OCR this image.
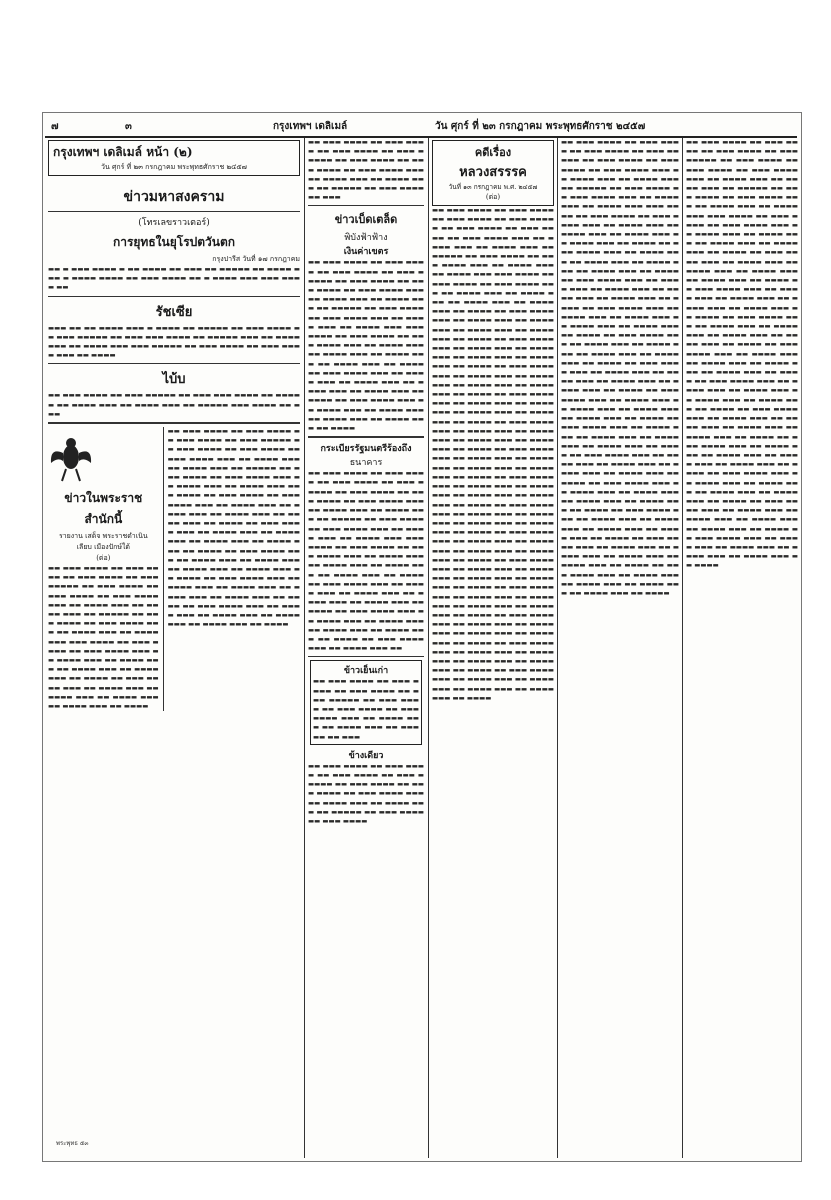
๗	๓	กรุงเทพฯ เดลิเมล์	วัน ศุกร์ ที่ ๒๓ กรกฎาคม พระพุทธศักราช ๒๔๕๗
กรุงเทพฯ เดลิเมล์ หน้า (๒)
วัน ศุกร์ ที่ ๒๓ กรกฎาคม พระพุทธศักราช ๒๔๕๗
ข่าวมหาสงคราม
(โทรเลขราวเตอร์)
การยุทธในยุโรปตวันตก
กรุงปารีส วันที่ ๑๗ กรกฎาคม
▬▬ ▬ ▬▬▬ ▬▬▬▬ ▬ ▬▬ ▬▬▬▬ ▬▬ ▬▬▬ ▬▬ ▬▬▬▬▬ ▬▬ ▬▬▬▬ ▬▬▬ ▬ ▬▬▬▬ ▬▬▬▬ ▬▬ ▬▬▬ ▬▬▬▬ ▬▬ ▬ ▬▬▬▬ ▬▬▬ ▬▬▬ ▬▬▬▬ ▬▬
รัชเซีย
▬▬▬ ▬▬ ▬▬ ▬▬▬▬ ▬▬▬ ▬ ▬▬▬▬ ▬▬ ▬▬▬▬▬ ▬▬ ▬▬▬ ▬▬▬▬ ▬▬ ▬▬▬ ▬▬▬▬▬ ▬▬ ▬▬▬ ▬▬▬ ▬▬▬▬ ▬▬ ▬▬▬▬▬ ▬▬▬ ▬▬ ▬▬▬▬ ▬▬▬ ▬▬ ▬▬▬▬ ▬▬▬ ▬▬▬ ▬▬▬▬▬ ▬▬ ▬▬▬ ▬▬▬▬ ▬▬ ▬▬▬ ▬▬▬▬ ▬▬▬ ▬▬ ▬▬▬▬
ไบ้บ
▬▬ ▬▬▬ ▬▬▬▬ ▬▬ ▬▬▬ ▬▬▬▬▬ ▬▬ ▬▬▬ ▬▬▬ ▬▬▬▬ ▬▬ ▬▬▬▬▬ ▬▬ ▬▬▬▬ ▬▬▬ ▬▬ ▬▬▬▬ ▬▬▬ ▬▬ ▬▬▬▬▬ ▬▬▬ ▬▬▬▬ ▬▬ ▬▬▬
ข่าวในพระราช
สำนักนี้
รายงาน เสด็จ พระราชดำเนิน
เลียบ เมืองปักษ์ใต้
(ต่อ)
▬▬ ▬▬▬ ▬▬▬▬ ▬▬ ▬▬▬ ▬▬▬▬ ▬▬ ▬▬▬ ▬▬▬▬ ▬▬ ▬▬▬ ▬▬▬▬▬ ▬▬ ▬▬▬ ▬▬▬▬ ▬▬ ▬▬▬ ▬▬▬▬ ▬▬ ▬▬▬ ▬▬▬▬ ▬▬▬ ▬▬ ▬▬▬▬ ▬▬▬ ▬▬ ▬▬▬▬ ▬▬▬ ▬▬ ▬▬▬▬▬ ▬▬ ▬▬▬ ▬▬▬▬ ▬▬ ▬▬▬ ▬▬▬▬ ▬▬▬ ▬▬ ▬▬▬▬ ▬▬▬ ▬▬ ▬▬▬▬ ▬▬▬ ▬▬▬ ▬▬▬▬ ▬▬ ▬▬▬ ▬▬▬▬ ▬▬ ▬▬▬ ▬▬▬▬ ▬▬▬ ▬▬ ▬▬▬▬ ▬▬▬ ▬▬ ▬▬▬▬ ▬▬▬ ▬▬ ▬▬▬▬ ▬▬▬ ▬▬ ▬▬▬▬ ▬▬▬ ▬▬ ▬▬▬▬ ▬▬ ▬▬▬ ▬▬▬▬ ▬▬▬ ▬▬ ▬▬▬▬ ▬▬▬ ▬▬ ▬▬▬▬ ▬▬▬ ▬▬ ▬▬▬▬ ▬▬▬ ▬▬ ▬▬▬▬ ▬▬▬ ▬▬ ▬▬▬▬
▬▬ ▬▬▬ ▬▬▬▬ ▬▬ ▬▬▬ ▬▬▬▬ ▬▬ ▬▬▬ ▬▬▬▬ ▬▬ ▬▬▬ ▬▬▬▬▬ ▬▬ ▬▬▬ ▬▬▬▬ ▬▬ ▬▬▬ ▬▬▬▬ ▬▬ ▬▬▬ ▬▬▬▬ ▬▬▬ ▬▬ ▬▬▬▬ ▬▬▬ ▬▬ ▬▬▬▬ ▬▬▬ ▬▬ ▬▬▬▬▬ ▬▬ ▬▬▬ ▬▬▬▬ ▬▬ ▬▬▬ ▬▬▬▬ ▬▬▬ ▬▬ ▬▬▬▬ ▬▬▬ ▬▬ ▬▬▬▬ ▬▬▬ ▬▬▬ ▬▬▬▬ ▬▬ ▬▬▬ ▬▬▬▬ ▬▬ ▬▬▬ ▬▬▬▬ ▬▬▬ ▬▬ ▬▬▬▬ ▬▬▬ ▬▬ ▬▬▬▬ ▬▬▬ ▬▬ ▬▬▬▬ ▬▬▬ ▬▬ ▬▬▬▬ ▬▬▬ ▬▬ ▬▬▬▬ ▬▬ ▬▬▬ ▬▬▬▬ ▬▬▬ ▬▬ ▬▬▬▬ ▬▬▬ ▬▬ ▬▬▬▬ ▬▬▬ ▬▬ ▬▬▬▬ ▬▬▬ ▬▬ ▬▬▬▬ ▬▬▬ ▬▬ ▬▬▬▬ ▬▬ ▬▬▬ ▬▬▬▬ ▬▬▬ ▬▬ ▬▬▬▬ ▬▬▬ ▬▬ ▬▬▬▬ ▬▬▬ ▬▬ ▬▬▬▬ ▬▬▬ ▬▬ ▬▬▬▬ ▬▬▬ ▬▬ ▬▬▬▬ ▬▬ ▬▬▬ ▬▬▬▬ ▬▬▬ ▬▬ ▬▬▬▬ ▬▬▬ ▬▬ ▬▬▬▬ ▬▬▬ ▬▬ ▬▬▬▬ ▬▬▬ ▬▬ ▬▬▬▬ ▬▬▬ ▬▬ ▬▬▬▬ ▬▬ ▬▬▬ ▬▬▬▬ ▬▬▬ ▬▬ ▬▬▬▬ ▬▬▬ ▬▬ ▬▬▬▬ ▬▬▬ ▬▬ ▬▬▬▬ ▬▬▬ ▬▬ ▬▬▬▬ ▬▬▬ ▬▬ ▬▬▬▬
▬▬ ▬▬▬ ▬▬▬▬ ▬▬ ▬▬▬ ▬▬▬▬ ▬▬ ▬▬▬ ▬▬▬▬ ▬▬ ▬▬▬ ▬▬▬▬▬ ▬▬ ▬▬▬ ▬▬▬▬ ▬▬ ▬▬▬ ▬▬▬▬ ▬▬ ▬▬▬ ▬▬▬▬ ▬▬▬ ▬▬ ▬▬▬▬ ▬▬▬ ▬▬ ▬▬▬▬ ▬▬▬ ▬▬ ▬▬▬▬▬ ▬▬ ▬▬▬ ▬▬▬▬ ▬▬ ▬▬▬
ข่าวเบ็ดเตล็ด
พิบังฟ้าฟ้าง
เงินค่าเขตร
▬▬ ▬▬▬ ▬▬▬▬ ▬▬ ▬▬▬ ▬▬▬▬ ▬▬ ▬▬▬ ▬▬▬▬ ▬▬ ▬▬▬ ▬▬▬▬▬ ▬▬ ▬▬▬ ▬▬▬▬ ▬▬ ▬▬▬ ▬▬▬▬ ▬▬ ▬▬▬ ▬▬▬▬ ▬▬▬ ▬▬ ▬▬▬▬ ▬▬▬ ▬▬ ▬▬▬▬ ▬▬▬ ▬▬ ▬▬▬▬▬ ▬▬ ▬▬▬ ▬▬▬▬ ▬▬ ▬▬▬ ▬▬▬▬ ▬▬▬ ▬▬ ▬▬▬▬ ▬▬▬ ▬▬ ▬▬▬▬ ▬▬▬ ▬▬▬ ▬▬▬▬ ▬▬ ▬▬▬ ▬▬▬▬ ▬▬ ▬▬▬ ▬▬▬▬ ▬▬▬ ▬▬ ▬▬▬▬ ▬▬▬ ▬▬ ▬▬▬▬ ▬▬▬ ▬▬ ▬▬▬▬ ▬▬▬ ▬▬ ▬▬▬▬ ▬▬▬ ▬▬ ▬▬▬▬ ▬▬ ▬▬▬ ▬▬▬▬ ▬▬▬ ▬▬ ▬▬▬▬ ▬▬▬ ▬▬ ▬▬▬▬ ▬▬▬ ▬▬ ▬▬▬▬ ▬▬▬ ▬▬ ▬▬▬▬ ▬▬▬ ▬▬ ▬▬▬▬ ▬▬ ▬▬▬ ▬▬▬▬ ▬▬▬ ▬▬ ▬▬▬▬ ▬▬▬ ▬▬ ▬▬▬▬ ▬▬▬ ▬▬ ▬▬▬▬ ▬▬▬ ▬▬ ▬▬▬▬ ▬▬▬ ▬▬ ▬▬▬▬
กระเบียรรัฐมนตรีร้องถึง
ธนาคาร
▬▬ ▬▬▬ ▬▬▬▬ ▬▬ ▬▬▬ ▬▬▬▬ ▬▬ ▬▬▬ ▬▬▬▬ ▬▬ ▬▬▬ ▬▬▬▬▬ ▬▬ ▬▬▬ ▬▬▬▬ ▬▬ ▬▬▬ ▬▬▬▬ ▬▬ ▬▬▬ ▬▬▬▬ ▬▬▬ ▬▬ ▬▬▬▬ ▬▬▬ ▬▬ ▬▬▬▬ ▬▬▬ ▬▬ ▬▬▬▬▬ ▬▬ ▬▬▬ ▬▬▬▬ ▬▬ ▬▬▬ ▬▬▬▬ ▬▬▬ ▬▬ ▬▬▬▬ ▬▬▬ ▬▬ ▬▬▬▬ ▬▬▬ ▬▬▬ ▬▬▬▬ ▬▬ ▬▬▬ ▬▬▬▬ ▬▬ ▬▬▬ ▬▬▬▬ ▬▬▬ ▬▬ ▬▬▬▬ ▬▬▬ ▬▬ ▬▬▬▬ ▬▬▬ ▬▬ ▬▬▬▬ ▬▬▬ ▬▬ ▬▬▬▬ ▬▬▬ ▬▬ ▬▬▬▬ ▬▬ ▬▬▬ ▬▬▬▬ ▬▬▬ ▬▬ ▬▬▬▬ ▬▬▬ ▬▬ ▬▬▬▬ ▬▬▬ ▬▬ ▬▬▬▬ ▬▬▬ ▬▬ ▬▬▬▬ ▬▬▬ ▬▬ ▬▬▬▬ ▬▬ ▬▬▬ ▬▬▬▬ ▬▬▬ ▬▬ ▬▬▬▬ ▬▬▬ ▬▬ ▬▬▬▬ ▬▬▬ ▬▬ ▬▬▬▬ ▬▬▬ ▬▬ ▬▬▬▬ ▬▬▬ ▬▬ ▬▬▬▬ ▬▬ ▬▬▬ ▬▬▬▬ ▬▬▬ ▬▬ ▬▬▬▬ ▬▬▬ ▬▬
ข้าวเย็นเก่า
▬▬ ▬▬▬ ▬▬▬▬ ▬▬ ▬▬▬ ▬▬▬▬ ▬▬ ▬▬▬ ▬▬▬▬ ▬▬ ▬▬▬ ▬▬▬▬▬ ▬▬ ▬▬▬ ▬▬▬▬ ▬▬ ▬▬▬ ▬▬▬▬ ▬▬ ▬▬▬ ▬▬▬▬ ▬▬▬ ▬▬ ▬▬▬▬ ▬▬▬ ▬▬ ▬▬▬▬ ▬▬▬ ▬▬ ▬▬▬▬▬ ▬▬ ▬▬▬
ข้างเดียว
▬▬ ▬▬▬ ▬▬▬▬ ▬▬ ▬▬▬ ▬▬▬▬ ▬▬ ▬▬▬ ▬▬▬▬ ▬▬ ▬▬▬ ▬▬▬▬▬ ▬▬ ▬▬▬ ▬▬▬▬ ▬▬ ▬▬▬ ▬▬▬▬ ▬▬ ▬▬▬ ▬▬▬▬ ▬▬▬ ▬▬ ▬▬▬▬ ▬▬▬ ▬▬ ▬▬▬▬ ▬▬▬ ▬▬ ▬▬▬▬▬ ▬▬ ▬▬▬ ▬▬▬▬ ▬▬ ▬▬▬ ▬▬▬▬
คดีเรื่อง
หลวงสรรรค
วันที่ ๑๓ กรกฎาคม พ.ศ. ๒๔๕๗
(ต่อ)
▬▬ ▬▬▬ ▬▬▬▬ ▬▬ ▬▬▬ ▬▬▬▬ ▬▬ ▬▬▬ ▬▬▬▬ ▬▬ ▬▬▬ ▬▬▬▬▬ ▬▬ ▬▬▬ ▬▬▬▬ ▬▬ ▬▬▬ ▬▬▬▬ ▬▬ ▬▬▬ ▬▬▬▬ ▬▬▬ ▬▬ ▬▬▬▬ ▬▬▬ ▬▬ ▬▬▬▬ ▬▬▬ ▬▬ ▬▬▬▬▬ ▬▬ ▬▬▬ ▬▬▬▬ ▬▬ ▬▬▬ ▬▬▬▬ ▬▬▬ ▬▬ ▬▬▬▬ ▬▬▬ ▬▬ ▬▬▬▬ ▬▬▬ ▬▬▬ ▬▬▬▬ ▬▬ ▬▬▬ ▬▬▬▬ ▬▬ ▬▬▬ ▬▬▬▬ ▬▬▬ ▬▬ ▬▬▬▬ ▬▬▬ ▬▬ ▬▬▬▬ ▬▬▬ ▬▬ ▬▬▬▬ ▬▬▬ ▬▬ ▬▬▬▬ ▬▬▬ ▬▬ ▬▬▬▬ ▬▬ ▬▬▬ ▬▬▬▬ ▬▬▬ ▬▬ ▬▬▬▬ ▬▬▬ ▬▬ ▬▬▬▬ ▬▬▬ ▬▬ ▬▬▬▬ ▬▬▬ ▬▬ ▬▬▬▬ ▬▬▬ ▬▬ ▬▬▬▬ ▬▬ ▬▬▬ ▬▬▬▬ ▬▬▬ ▬▬ ▬▬▬▬ ▬▬▬ ▬▬ ▬▬▬▬ ▬▬▬ ▬▬ ▬▬▬▬ ▬▬▬ ▬▬ ▬▬▬▬ ▬▬▬ ▬▬ ▬▬▬▬ ▬▬ ▬▬▬ ▬▬▬▬ ▬▬▬ ▬▬ ▬▬▬▬ ▬▬▬ ▬▬ ▬▬▬▬ ▬▬▬ ▬▬ ▬▬▬▬ ▬▬▬ ▬▬ ▬▬▬▬ ▬▬▬ ▬▬ ▬▬▬▬ ▬▬ ▬▬▬ ▬▬▬▬ ▬▬▬ ▬▬ ▬▬▬▬ ▬▬▬ ▬▬ ▬▬▬▬ ▬▬▬ ▬▬ ▬▬▬▬ ▬▬▬ ▬▬ ▬▬▬▬ ▬▬▬ ▬▬ ▬▬▬▬ ▬▬ ▬▬▬ ▬▬▬▬ ▬▬▬ ▬▬ ▬▬▬▬ ▬▬▬ ▬▬ ▬▬▬▬ ▬▬▬ ▬▬ ▬▬▬▬ ▬▬▬ ▬▬ ▬▬▬▬ ▬▬▬ ▬▬ ▬▬▬▬ ▬▬ ▬▬▬ ▬▬▬▬ ▬▬▬ ▬▬ ▬▬▬▬ ▬▬▬ ▬▬ ▬▬▬▬ ▬▬▬ ▬▬ ▬▬▬▬ ▬▬▬ ▬▬ ▬▬▬▬ ▬▬▬ ▬▬ ▬▬▬▬ ▬▬ ▬▬▬ ▬▬▬▬ ▬▬▬ ▬▬ ▬▬▬▬ ▬▬▬ ▬▬ ▬▬▬▬ ▬▬▬ ▬▬ ▬▬▬▬ ▬▬▬ ▬▬ ▬▬▬▬ ▬▬▬ ▬▬ ▬▬▬▬ ▬▬ ▬▬▬ ▬▬▬▬ ▬▬▬ ▬▬ ▬▬▬▬ ▬▬▬ ▬▬ ▬▬▬▬ ▬▬▬ ▬▬ ▬▬▬▬ ▬▬▬ ▬▬ ▬▬▬▬ ▬▬▬ ▬▬ ▬▬▬▬ ▬▬ ▬▬▬ ▬▬▬▬ ▬▬▬ ▬▬ ▬▬▬▬ ▬▬▬ ▬▬ ▬▬▬▬ ▬▬▬ ▬▬ ▬▬▬▬ ▬▬▬ ▬▬ ▬▬▬▬ ▬▬▬ ▬▬ ▬▬▬▬ ▬▬ ▬▬▬ ▬▬▬▬ ▬▬▬ ▬▬ ▬▬▬▬ ▬▬▬ ▬▬ ▬▬▬▬ ▬▬▬ ▬▬ ▬▬▬▬ ▬▬▬ ▬▬ ▬▬▬▬ ▬▬▬ ▬▬ ▬▬▬▬ ▬▬ ▬▬▬ ▬▬▬▬ ▬▬▬ ▬▬ ▬▬▬▬ ▬▬▬ ▬▬ ▬▬▬▬ ▬▬▬ ▬▬ ▬▬▬▬ ▬▬▬ ▬▬ ▬▬▬▬ ▬▬▬ ▬▬ ▬▬▬▬ ▬▬ ▬▬▬ ▬▬▬▬ ▬▬▬ ▬▬ ▬▬▬▬ ▬▬▬ ▬▬ ▬▬▬▬ ▬▬▬ ▬▬ ▬▬▬▬ ▬▬▬ ▬▬ ▬▬▬▬ ▬▬▬ ▬▬ ▬▬▬▬ ▬▬ ▬▬▬ ▬▬▬▬ ▬▬▬ ▬▬ ▬▬▬▬ ▬▬▬ ▬▬ ▬▬▬▬ ▬▬▬ ▬▬ ▬▬▬▬ ▬▬▬ ▬▬ ▬▬▬▬ ▬▬▬ ▬▬ ▬▬▬▬ ▬▬ ▬▬▬ ▬▬▬▬ ▬▬▬ ▬▬ ▬▬▬▬ ▬▬▬ ▬▬ ▬▬▬▬ ▬▬▬ ▬▬ ▬▬▬▬ ▬▬▬ ▬▬ ▬▬▬▬ ▬▬▬ ▬▬ ▬▬▬▬
▬▬ ▬▬▬ ▬▬▬▬ ▬▬ ▬▬▬ ▬▬▬▬ ▬▬ ▬▬▬ ▬▬▬▬ ▬▬ ▬▬▬ ▬▬▬▬▬ ▬▬ ▬▬▬ ▬▬▬▬ ▬▬ ▬▬▬ ▬▬▬▬ ▬▬ ▬▬▬ ▬▬▬▬ ▬▬▬ ▬▬ ▬▬▬▬ ▬▬▬ ▬▬ ▬▬▬▬ ▬▬▬ ▬▬ ▬▬▬▬▬ ▬▬ ▬▬▬ ▬▬▬▬ ▬▬ ▬▬▬ ▬▬▬▬ ▬▬▬ ▬▬ ▬▬▬▬ ▬▬▬ ▬▬ ▬▬▬▬ ▬▬▬ ▬▬▬ ▬▬▬▬ ▬▬ ▬▬▬ ▬▬▬▬ ▬▬ ▬▬▬ ▬▬▬▬ ▬▬▬ ▬▬ ▬▬▬▬ ▬▬▬ ▬▬ ▬▬▬▬ ▬▬▬ ▬▬ ▬▬▬▬ ▬▬▬ ▬▬ ▬▬▬▬ ▬▬▬ ▬▬ ▬▬▬▬ ▬▬ ▬▬▬ ▬▬▬▬ ▬▬▬ ▬▬ ▬▬▬▬ ▬▬▬ ▬▬ ▬▬▬▬ ▬▬▬ ▬▬ ▬▬▬▬ ▬▬▬ ▬▬ ▬▬▬▬ ▬▬▬ ▬▬ ▬▬▬▬ ▬▬ ▬▬▬ ▬▬▬▬ ▬▬▬ ▬▬ ▬▬▬▬ ▬▬▬ ▬▬ ▬▬▬▬ ▬▬▬ ▬▬ ▬▬▬▬ ▬▬▬ ▬▬ ▬▬▬▬ ▬▬▬ ▬▬ ▬▬▬▬ ▬▬ ▬▬▬ ▬▬▬▬ ▬▬▬ ▬▬ ▬▬▬▬ ▬▬▬ ▬▬ ▬▬▬▬ ▬▬▬ ▬▬ ▬▬▬▬ ▬▬▬ ▬▬ ▬▬▬▬ ▬▬▬ ▬▬ ▬▬▬▬ ▬▬ ▬▬▬ ▬▬▬▬ ▬▬▬ ▬▬ ▬▬▬▬ ▬▬▬ ▬▬ ▬▬▬▬ ▬▬▬ ▬▬ ▬▬▬▬ ▬▬▬ ▬▬ ▬▬▬▬ ▬▬▬ ▬▬ ▬▬▬▬ ▬▬ ▬▬▬ ▬▬▬▬ ▬▬▬ ▬▬ ▬▬▬▬ ▬▬▬ ▬▬ ▬▬▬▬ ▬▬▬ ▬▬ ▬▬▬▬ ▬▬▬ ▬▬ ▬▬▬▬ ▬▬▬ ▬▬ ▬▬▬▬ ▬▬ ▬▬▬ ▬▬▬▬ ▬▬▬ ▬▬ ▬▬▬▬ ▬▬▬ ▬▬ ▬▬▬▬ ▬▬▬ ▬▬ ▬▬▬▬ ▬▬▬ ▬▬ ▬▬▬▬ ▬▬▬ ▬▬ ▬▬▬▬ ▬▬ ▬▬▬ ▬▬▬▬ ▬▬▬ ▬▬ ▬▬▬▬ ▬▬▬ ▬▬ ▬▬▬▬ ▬▬▬ ▬▬ ▬▬▬▬ ▬▬▬ ▬▬ ▬▬▬▬ ▬▬▬ ▬▬ ▬▬▬▬ ▬▬ ▬▬▬ ▬▬▬▬ ▬▬▬ ▬▬ ▬▬▬▬ ▬▬▬ ▬▬ ▬▬▬▬ ▬▬▬ ▬▬ ▬▬▬▬ ▬▬▬ ▬▬ ▬▬▬▬ ▬▬▬ ▬▬ ▬▬▬▬ ▬▬ ▬▬▬ ▬▬▬▬ ▬▬▬ ▬▬ ▬▬▬▬ ▬▬▬ ▬▬ ▬▬▬▬ ▬▬▬ ▬▬ ▬▬▬▬ ▬▬▬ ▬▬ ▬▬▬▬ ▬▬▬ ▬▬ ▬▬▬▬ ▬▬ ▬▬▬ ▬▬▬▬ ▬▬▬ ▬▬ ▬▬▬▬ ▬▬▬ ▬▬ ▬▬▬▬ ▬▬▬ ▬▬ ▬▬▬▬ ▬▬▬ ▬▬ ▬▬▬▬ ▬▬▬ ▬▬ ▬▬▬▬ ▬▬ ▬▬▬ ▬▬▬▬ ▬▬▬ ▬▬ ▬▬▬▬ ▬▬▬ ▬▬ ▬▬▬▬ ▬▬▬ ▬▬ ▬▬▬▬ ▬▬▬ ▬▬ ▬▬▬▬ ▬▬▬ ▬▬ ▬▬▬▬ ▬▬ ▬▬▬ ▬▬▬▬ ▬▬▬ ▬▬ ▬▬▬▬ ▬▬▬ ▬▬ ▬▬▬▬ ▬▬▬ ▬▬ ▬▬▬▬ ▬▬▬ ▬▬ ▬▬▬▬ ▬▬▬ ▬▬ ▬▬▬▬
▬▬ ▬▬▬ ▬▬▬▬ ▬▬ ▬▬▬ ▬▬▬▬ ▬▬ ▬▬▬ ▬▬▬▬ ▬▬ ▬▬▬ ▬▬▬▬▬ ▬▬ ▬▬▬ ▬▬▬▬ ▬▬ ▬▬▬ ▬▬▬▬ ▬▬ ▬▬▬ ▬▬▬▬ ▬▬▬ ▬▬ ▬▬▬▬ ▬▬▬ ▬▬ ▬▬▬▬ ▬▬▬ ▬▬ ▬▬▬▬▬ ▬▬ ▬▬▬ ▬▬▬▬ ▬▬ ▬▬▬ ▬▬▬▬ ▬▬▬ ▬▬ ▬▬▬▬ ▬▬▬ ▬▬ ▬▬▬▬ ▬▬▬ ▬▬▬ ▬▬▬▬ ▬▬ ▬▬▬ ▬▬▬▬ ▬▬ ▬▬▬ ▬▬▬▬ ▬▬▬ ▬▬ ▬▬▬▬ ▬▬▬ ▬▬ ▬▬▬▬ ▬▬▬ ▬▬ ▬▬▬▬ ▬▬▬ ▬▬ ▬▬▬▬ ▬▬▬ ▬▬ ▬▬▬▬ ▬▬ ▬▬▬ ▬▬▬▬ ▬▬▬ ▬▬ ▬▬▬▬ ▬▬▬ ▬▬ ▬▬▬▬ ▬▬▬ ▬▬ ▬▬▬▬ ▬▬▬ ▬▬ ▬▬▬▬ ▬▬▬ ▬▬ ▬▬▬▬ ▬▬ ▬▬▬ ▬▬▬▬ ▬▬▬ ▬▬ ▬▬▬▬ ▬▬▬ ▬▬ ▬▬▬▬ ▬▬▬ ▬▬ ▬▬▬▬ ▬▬▬ ▬▬ ▬▬▬▬ ▬▬▬ ▬▬ ▬▬▬▬ ▬▬ ▬▬▬ ▬▬▬▬ ▬▬▬ ▬▬ ▬▬▬▬ ▬▬▬ ▬▬ ▬▬▬▬ ▬▬▬ ▬▬ ▬▬▬▬ ▬▬▬ ▬▬ ▬▬▬▬ ▬▬▬ ▬▬ ▬▬▬▬ ▬▬ ▬▬▬ ▬▬▬▬ ▬▬▬ ▬▬ ▬▬▬▬ ▬▬▬ ▬▬ ▬▬▬▬ ▬▬▬ ▬▬ ▬▬▬▬ ▬▬▬ ▬▬ ▬▬▬▬ ▬▬▬ ▬▬ ▬▬▬▬ ▬▬ ▬▬▬ ▬▬▬▬ ▬▬▬ ▬▬ ▬▬▬▬ ▬▬▬ ▬▬ ▬▬▬▬ ▬▬▬ ▬▬ ▬▬▬▬ ▬▬▬ ▬▬ ▬▬▬▬ ▬▬▬ ▬▬ ▬▬▬▬ ▬▬ ▬▬▬ ▬▬▬▬ ▬▬▬ ▬▬ ▬▬▬▬ ▬▬▬ ▬▬ ▬▬▬▬ ▬▬▬ ▬▬ ▬▬▬▬ ▬▬▬ ▬▬ ▬▬▬▬ ▬▬▬ ▬▬ ▬▬▬▬ ▬▬ ▬▬▬ ▬▬▬▬ ▬▬▬ ▬▬ ▬▬▬▬ ▬▬▬ ▬▬ ▬▬▬▬ ▬▬▬ ▬▬ ▬▬▬▬ ▬▬▬ ▬▬ ▬▬▬▬ ▬▬▬ ▬▬ ▬▬▬▬ ▬▬ ▬▬▬ ▬▬▬▬ ▬▬▬ ▬▬ ▬▬▬▬ ▬▬▬ ▬▬ ▬▬▬▬ ▬▬▬ ▬▬ ▬▬▬▬ ▬▬▬ ▬▬ ▬▬▬▬ ▬▬▬ ▬▬ ▬▬▬▬ ▬▬ ▬▬▬ ▬▬▬▬ ▬▬▬ ▬▬ ▬▬▬▬ ▬▬▬ ▬▬ ▬▬▬▬ ▬▬▬ ▬▬ ▬▬▬▬ ▬▬▬ ▬▬ ▬▬▬▬ ▬▬▬ ▬▬ ▬▬▬▬ ▬▬ ▬▬▬ ▬▬▬▬ ▬▬▬ ▬▬ ▬▬▬▬ ▬▬▬ ▬▬ ▬▬▬▬ ▬▬▬ ▬▬ ▬▬▬▬ ▬▬▬ ▬▬ ▬▬▬▬ ▬▬▬ ▬▬ ▬▬▬▬
พระพุทธ ๕๓
